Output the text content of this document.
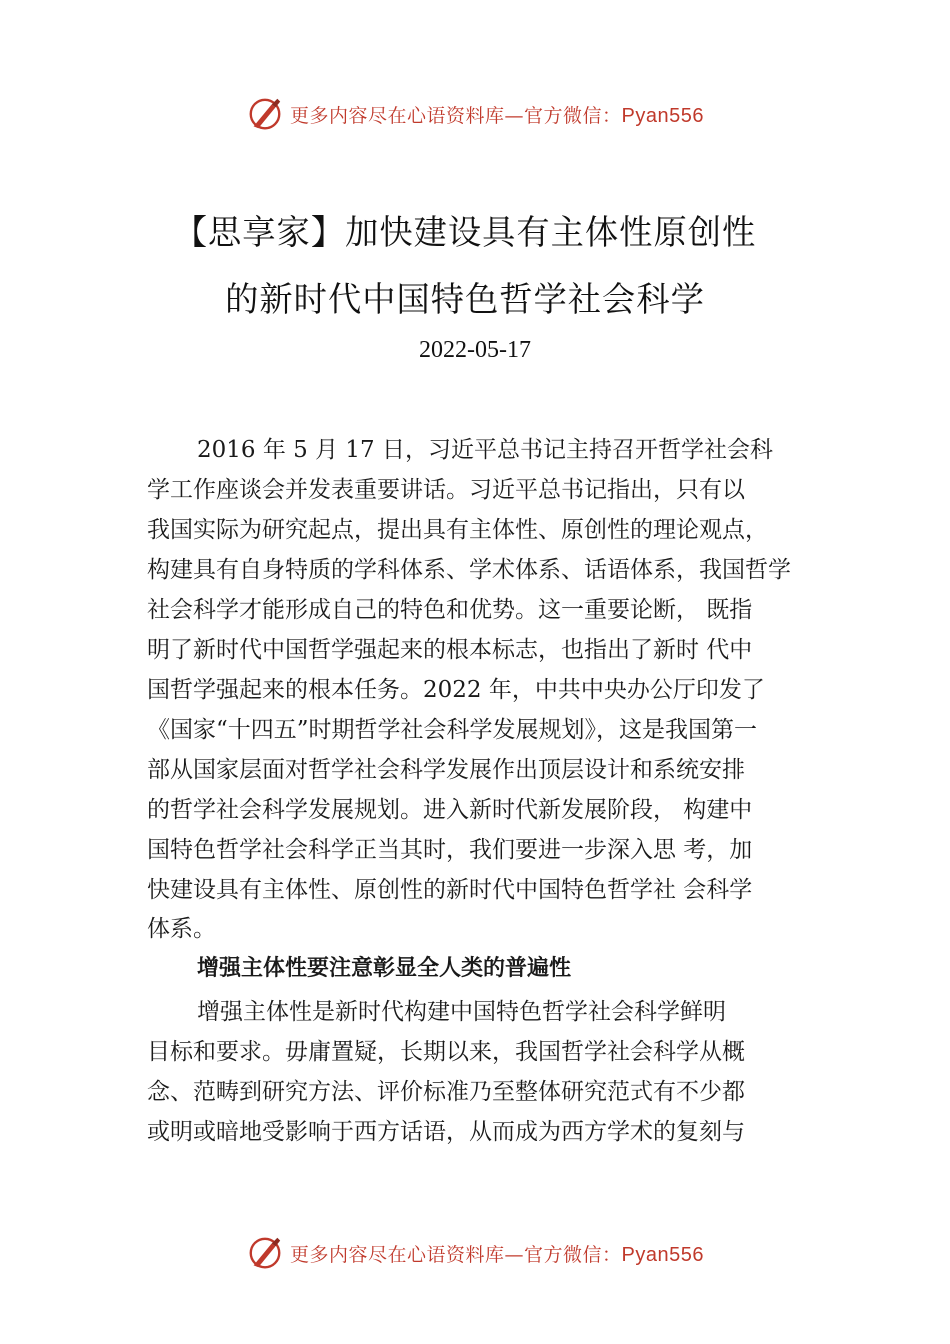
更多内容尽在心语资料库—官方微信：Pyan556
【思享家】加快建设具有主体性原创性
的新时代中国特色哲学社会科学
2022-05-17
2016 年 5 月 17 日，习近平总书记主持召开哲学社会科
学工作座谈会并发表重要讲话。习近平总书记指出，只有以
我国实际为研究起点，提出具有主体性、原创性的理论观点，
构建具有自身特质的学科体系、学术体系、话语体系，我国哲学
社会科学才能形成自己的特色和优势。这一重要论断， 既指
明了新时代中国哲学强起来的根本标志，也指出了新时 代中
国哲学强起来的根本任务。2022 年，中共中央办公厅印发了
《国家“十四五”时期哲学社会科学发展规划》，这是我国第一
部从国家层面对哲学社会科学发展作出顶层设计和系统安排
的哲学社会科学发展规划。进入新时代新发展阶段， 构建中
国特色哲学社会科学正当其时，我们要进一步深入思 考，加
快建设具有主体性、原创性的新时代中国特色哲学社 会科学
体系。
增强主体性要注意彰显全人类的普遍性
增强主体性是新时代构建中国特色哲学社会科学鲜明
目标和要求。毋庸置疑，长期以来，我国哲学社会科学从概
念、范畴到研究方法、评价标准乃至整体研究范式有不少都
或明或暗地受影响于西方话语，从而成为西方学术的复刻与
更多内容尽在心语资料库—官方微信：Pyan556
